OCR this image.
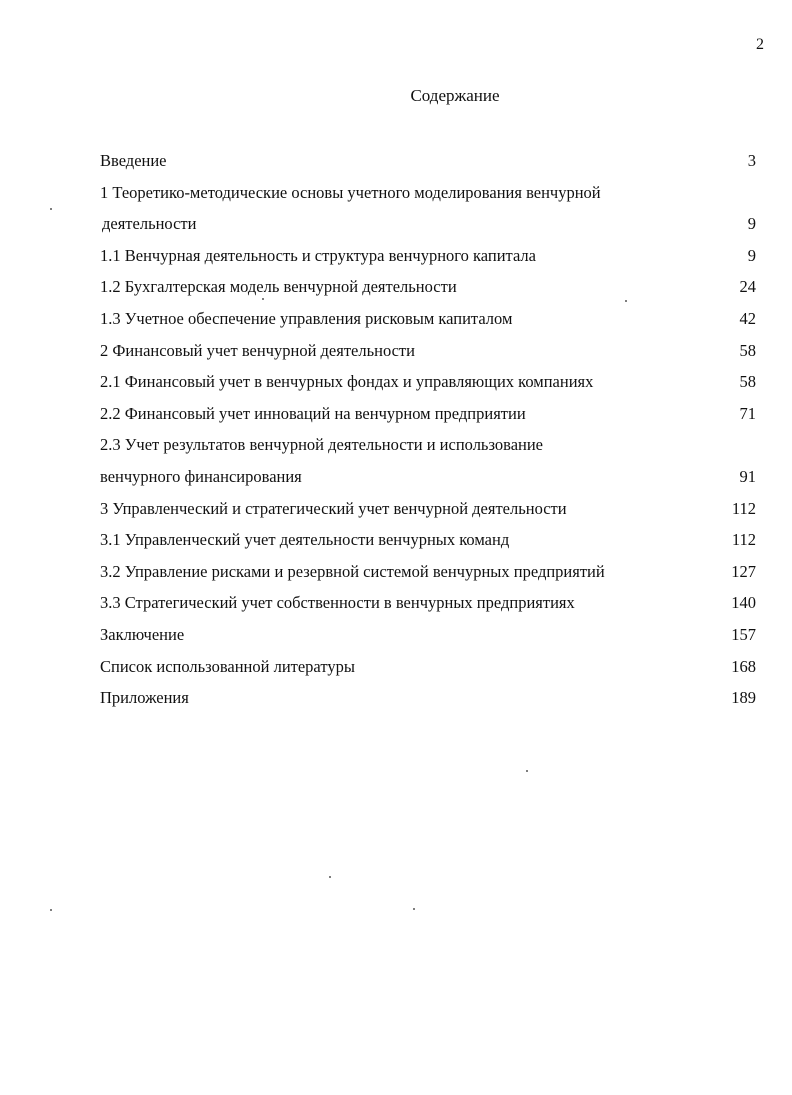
2
Содержание
Введение	3
1 Теоретико-методические основы учетного моделирования венчурной
деятельности	9
1.1 Венчурная деятельность и структура венчурного капитала	9
1.2 Бухгалтерская модель венчурной деятельности	24
1.3 Учетное обеспечение управления рисковым капиталом	42
2 Финансовый учет венчурной деятельности	58
2.1 Финансовый учет в венчурных фондах и управляющих компаниях	58
2.2 Финансовый учет инноваций на венчурном предприятии	71
2.3 Учет результатов венчурной деятельности и использование
венчурного финансирования	91
3 Управленческий и стратегический учет венчурной деятельности	112
3.1 Управленческий учет деятельности венчурных команд	112
3.2 Управление рисками и резервной системой венчурных предприятий	127
3.3 Стратегический учет собственности в венчурных предприятиях	140
Заключение	157
Список использованной литературы	168
Приложения	189
